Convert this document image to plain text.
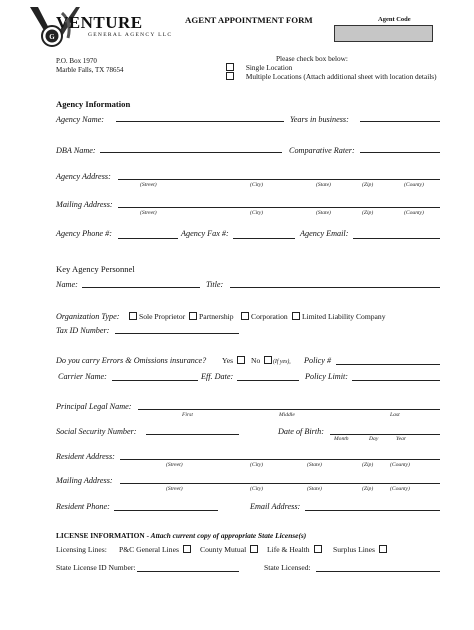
G
VENTURE
GENERAL AGENCY LLC
AGENT APPOINTMENT FORM	Agent Code
P.O. Box 1970
Marble Falls, TX 78654
Please check box below:
Single Location
Multiple Locations (Attach additional sheet with location details)
Agency Information
Agency Name:	Years in business:
DBA Name:	Comparative Rater:
Agency Address:
(Street)	(City)	(State)	(Zip)	(County)
Mailing Address:
(Street)	(City)	(State)	(Zip)	(County)
Agency Phone #:	Agency Fax #:	Agency Email:
Key Agency Personnel
Name:	Title:
Organization Type:	Sole Proprietor	Partnership	Corporation	Limited Liability Company
Tax ID Number:
Do you carry Errors & Omissions insurance? Yes	No	(If yes), Policy #
Carrier Name:	Eff. Date:	Policy Limit:
Principal Legal Name:
First	Middle	Last
Social Security Number:	Date of Birth:
Month	Day	Year
Resident Address:
(Street)	(City)	(State)	(Zip)	(County)
Mailing Address:
(Street)	(City)	(State)	(Zip)	(County)
Resident Phone:	Email Address:
LICENSE INFORMATION - Attach current copy of appropriate State License(s)
Licensing Lines: P&C General Lines	County Mutual	Life & Health	Surplus Lines
State License ID Number:	State Licensed:
